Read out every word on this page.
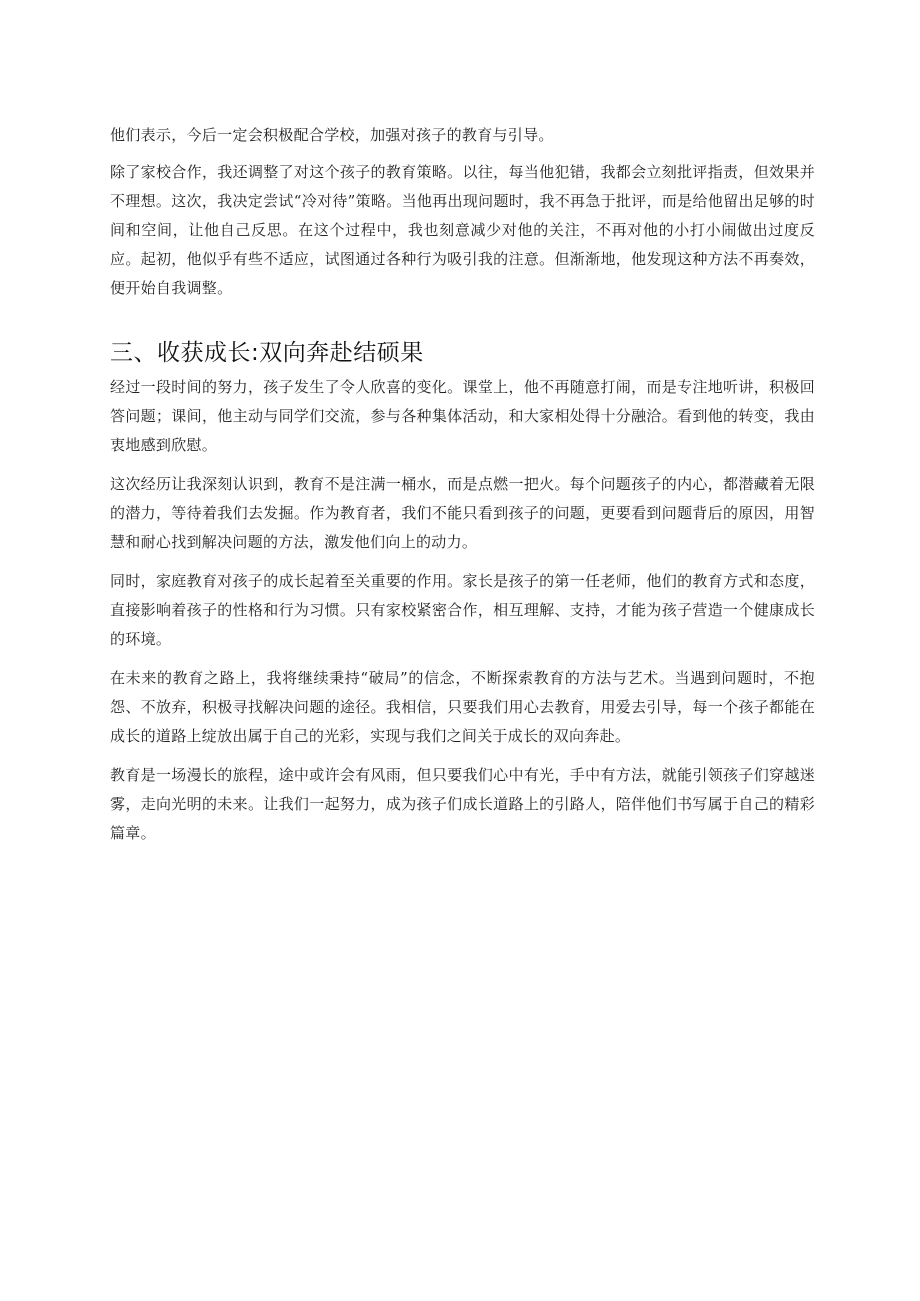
他们表示，今后一定会积极配合学校，加强对孩子的教育与引导。

除了家校合作，我还调整了对这个孩子的教育策略。以往，每当他犯错，我都会立刻批评指责，但效果并不理想。这次，我决定尝试“冷对待”策略。当他再出现问题时，我不再急于批评，而是给他留出足够的时间和空间，让他自己反思。在这个过程中，我也刻意减少对他的关注，不再对他的小打小闹做出过度反应。起初，他似乎有些不适应，试图通过各种行为吸引我的注意。但渐渐地，他发现这种方法不再奏效，便开始自我调整。

三、收获成长:双向奔赴结硕果

经过一段时间的努力，孩子发生了令人欣喜的变化。课堂上，他不再随意打闹，而是专注地听讲，积极回答问题；课间，他主动与同学们交流，参与各种集体活动，和大家相处得十分融洽。看到他的转变，我由衷地感到欣慰。

这次经历让我深刻认识到，教育不是注满一桶水，而是点燃一把火。每个问题孩子的内心，都潜藏着无限的潜力，等待着我们去发掘。作为教育者，我们不能只看到孩子的问题，更要看到问题背后的原因，用智慧和耐心找到解决问题的方法，激发他们向上的动力。

同时，家庭教育对孩子的成长起着至关重要的作用。家长是孩子的第一任老师，他们的教育方式和态度，直接影响着孩子的性格和行为习惯。只有家校紧密合作，相互理解、支持，才能为孩子营造一个健康成长的环境。

在未来的教育之路上，我将继续秉持“破局”的信念，不断探索教育的方法与艺术。当遇到问题时，不抱怨、不放弃，积极寻找解决问题的途径。我相信，只要我们用心去教育，用爱去引导，每一个孩子都能在成长的道路上绽放出属于自己的光彩，实现与我们之间关于成长的双向奔赴。

教育是一场漫长的旅程，途中或许会有风雨，但只要我们心中有光，手中有方法，就能引领孩子们穿越迷雾，走向光明的未来。让我们一起努力，成为孩子们成长道路上的引路人，陪伴他们书写属于自己的精彩篇章。
